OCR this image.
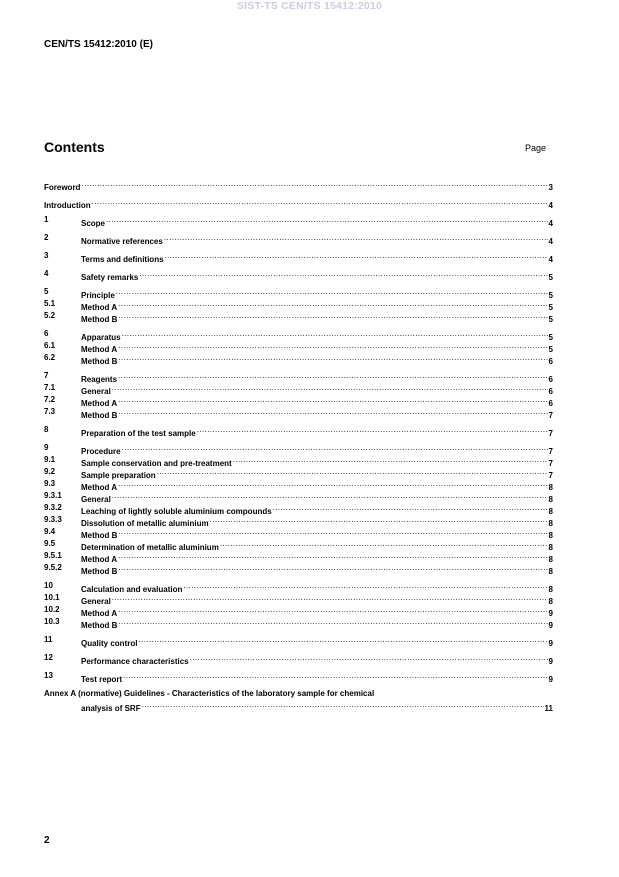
SIST-TS CEN/TS 15412:2010
CEN/TS 15412:2010 (E)
Contents	Page
Foreword .....	3
Introduction .....	4
1	Scope .....	4
2	Normative references .....	4
3	Terms and definitions .....	4
4	Safety remarks .....	5
5	Principle .....	5
5.1	Method A .....	5
5.2	Method B .....	5
6	Apparatus .....	5
6.1	Method A .....	5
6.2	Method B .....	6
7	Reagents .....	6
7.1	General .....	6
7.2	Method A .....	6
7.3	Method B .....	7
8	Preparation of the test sample .....	7
9	Procedure .....	7
9.1	Sample conservation and pre-treatment .....	7
9.2	Sample preparation .....	7
9.3	Method A .....	8
9.3.1 General .....	8
9.3.2 Leaching of lightly soluble aluminium compounds .....	8
9.3.3 Dissolution of metallic aluminium .....	8
9.4	Method B .....	8
9.5	Determination of metallic aluminium .....	8
9.5.1 Method A .....	8
9.5.2 Method B .....	8
10	Calculation and evaluation .....	8
10.1	General .....	8
10.2	Method A .....	9
10.3	Method B .....	9
11	Quality control .....	9
12	Performance characteristics .....	9
13	Test report .....	9
Annex A (normative) Guidelines - Characteristics of the laboratory sample for chemical
analysis of SRF .....	11
2
